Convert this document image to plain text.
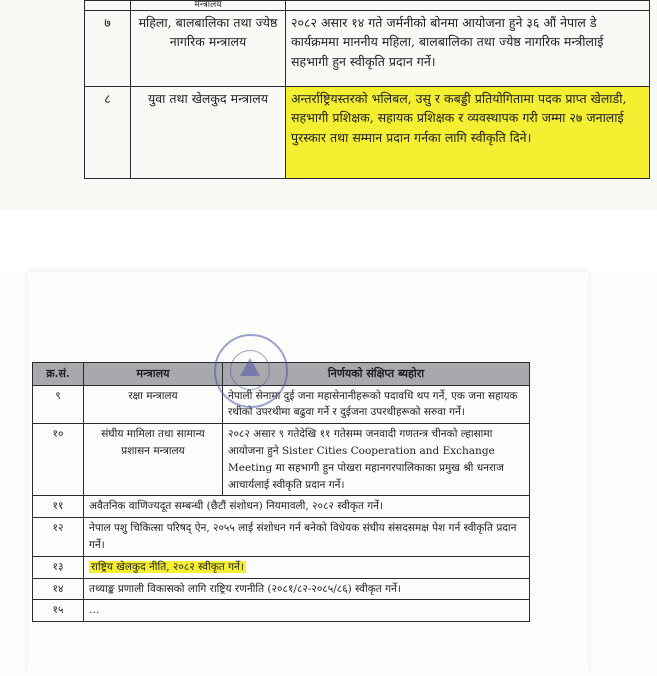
	मन्त्रालय	
७	महिला, बालबालिका तथा ज्येष्ठ नागरिक मन्त्रालय	२०८२ असार १४ गते जर्मनीको बोनमा आयोजना हुने ३६ औं नेपाल डे कार्यक्रममा माननीय महिला, बालबालिका तथा ज्येष्ठ नागरिक मन्त्रीलाई सहभागी हुन स्वीकृति प्रदान गर्ने।
८	युवा तथा खेलकुद मन्त्रालय	अन्तर्राष्ट्रियस्तरको भलिबल, उसु र कबड्डी प्रतियोगितामा पदक प्राप्त खेलाडी, सहभागी प्रशिक्षक, सहायक प्रशिक्षक र व्यवस्थापक गरी जम्मा २७ जनालाई पुरस्कार तथा सम्मान प्रदान गर्नका लागि स्वीकृति दिने।
क्र.सं.	मन्त्रालय	निर्णयको संक्षिप्त ब्यहोरा
९	रक्षा मन्त्रालय	नेपाली सेनामा दुई जना महासेनानीहरूको पदावधि थप गर्ने, एक जना सहायक रथीको उपरथीमा बढुवा गर्ने र दुईजना उपरथीहरूको सरुवा गर्ने।
१०	संघीय मामिला तथा सामान्य प्रशासन मन्त्रालय	२०८२ असार ९ गतेदेखि ११ गतेसम्म जनवादी गणतन्त्र चीनको ल्हासामा आयोजना हुने Sister Cities Cooperation and Exchange Meeting मा सहभागी हुन पोखरा महानगरपालिकाका प्रमुख श्री धनराज आचार्यलाई स्वीकृति प्रदान गर्ने।
११	अवैतनिक वाणिज्यदूत सम्बन्धी (छैटौं संशोधन) नियमावली, २०८२ स्वीकृत गर्ने।	
१२	नेपाल पशु चिकित्सा परिषद् ऐन, २०५५ लाई संशोधन गर्न बनेको विधेयक संघीय संसदसमक्ष पेश गर्न स्वीकृति प्रदान गर्ने।	
१३	राष्ट्रिय खेलकुद नीति, २०८२ स्वीकृत गर्ने।	
१४	तथ्याङ्क प्रणाली विकासको लागि राष्ट्रिय रणनीति (२०८१/८२-२०८५/८६) स्वीकृत गर्ने।	
१५	…	
